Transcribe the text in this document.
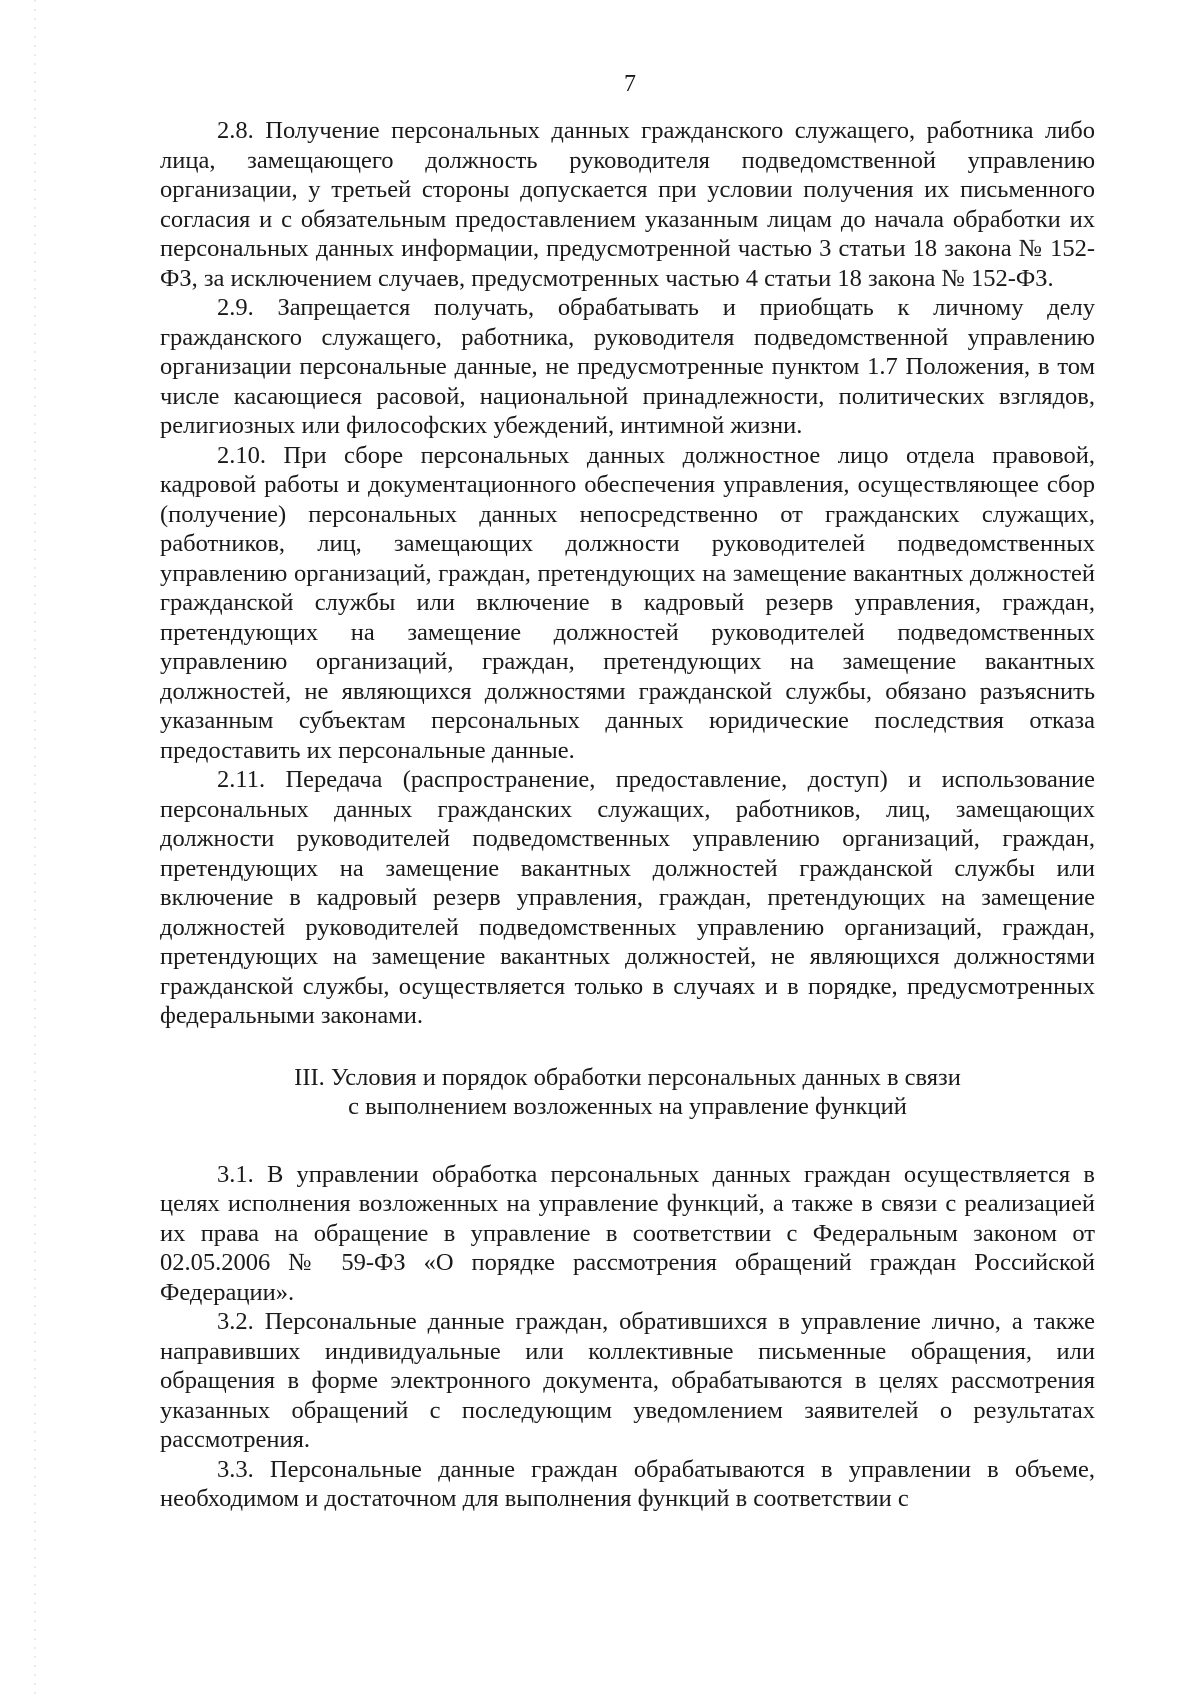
7

2.8. Получение персональных данных гражданского служащего, работника либо лица, замещающего должность руководителя подведомственной управлению организации, у третьей стороны допускается при условии получения их письменного согласия и с обязательным предоставлением указанным лицам до начала обработки их персональных данных информации, предусмотренной частью 3 статьи 18 закона № 152-ФЗ, за исключением случаев, предусмотренных частью 4 статьи 18 закона № 152-ФЗ.

2.9. Запрещается получать, обрабатывать и приобщать к личному делу гражданского служащего, работника, руководителя подведомственной управлению организации персональные данные, не предусмотренные пунктом 1.7 Положения, в том числе касающиеся расовой, национальной принадлежности, политических взглядов, религиозных или философских убеждений, интимной жизни.

2.10. При сборе персональных данных должностное лицо отдела правовой, кадровой работы и документационного обеспечения управления, осуществляющее сбор (получение) персональных данных непосредственно от гражданских служащих, работников, лиц, замещающих должности руководителей подведомственных управлению организаций, граждан, претендующих на замещение вакантных должностей гражданской службы или включение в кадровый резерв управления, граждан, претендующих на замещение должностей руководителей подведомственных управлению организаций, граждан, претендующих на замещение вакантных должностей, не являющихся должностями гражданской службы, обязано разъяснить указанным субъектам персональных данных юридические последствия отказа предоставить их персональные данные.

2.11. Передача (распространение, предоставление, доступ) и использование персональных данных гражданских служащих, работников, лиц, замещающих должности руководителей подведомственных управлению организаций, граждан, претендующих на замещение вакантных должностей гражданской службы или включение в кадровый резерв управления, граждан, претендующих на замещение должностей руководителей подведомственных управлению организаций, граждан, претендующих на замещение вакантных должностей, не являющихся должностями гражданской службы, осуществляется только в случаях и в порядке, предусмотренных федеральными законами.

III. Условия и порядок обработки персональных данных в связи
с выполнением возложенных на управление функций

3.1. В управлении обработка персональных данных граждан осуществляется в целях исполнения возложенных на управление функций, а также в связи с реализацией их права на обращение в управление в соответствии с Федеральным законом от 02.05.2006 № 59-ФЗ «О порядке рассмотрения обращений граждан Российской Федерации».

3.2. Персональные данные граждан, обратившихся в управление лично, а также направивших индивидуальные или коллективные письменные обращения, или обращения в форме электронного документа, обрабатываются в целях рассмотрения указанных обращений с последующим уведомлением заявителей о результатах рассмотрения.

3.3. Персональные данные граждан обрабатываются в управлении в объеме, необходимом и достаточном для выполнения функций в соответствии с
